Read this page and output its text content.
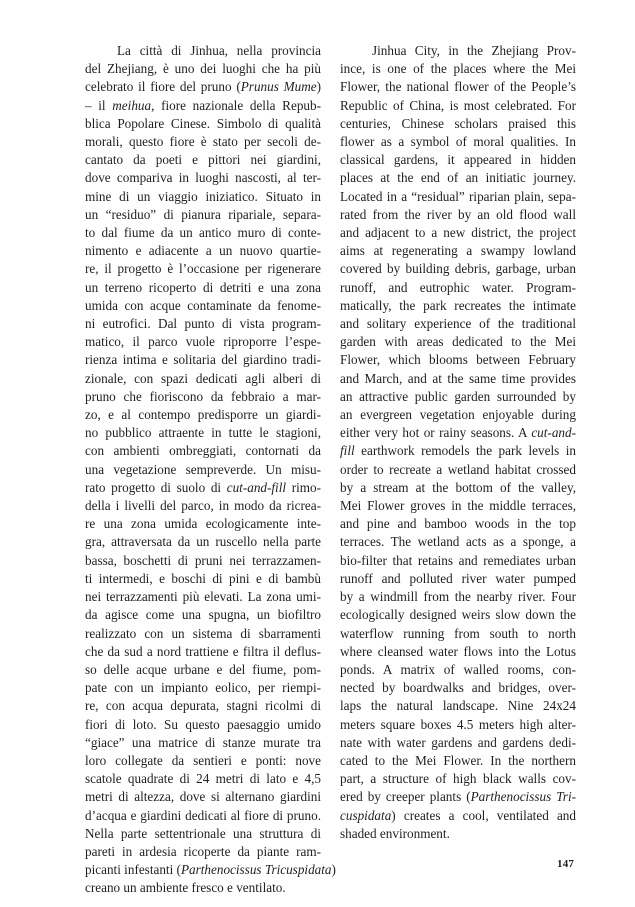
La città di Jinhua, nella provincia
del Zhejiang, è uno dei luoghi che ha più
celebrato il fiore del pruno (Prunus Mume)
– il meihua, fiore nazionale della Repub-
blica Popolare Cinese. Simbolo di qualità
morali, questo fiore è stato per secoli de-
cantato da poeti e pittori nei giardini,
dove compariva in luoghi nascosti, al ter-
mine di un viaggio iniziatico. Situato in
un “residuo” di pianura ripariale, separa-
to dal fiume da un antico muro di conte-
nimento e adiacente a un nuovo quartie-
re, il progetto è l’occasione per rigenerare
un terreno ricoperto di detriti e una zona
umida con acque contaminate da fenome-
ni eutrofici. Dal punto di vista program-
matico, il parco vuole riproporre l’espe-
rienza intima e solitaria del giardino tradi-
zionale, con spazi dedicati agli alberi di
pruno che fioriscono da febbraio a mar-
zo, e al contempo predisporre un giardi-
no pubblico attraente in tutte le stagioni,
con ambienti ombreggiati, contornati da
una vegetazione sempreverde. Un misu-
rato progetto di suolo di cut-and-fill rimo-
della i livelli del parco, in modo da ricrea-
re una zona umida ecologicamente inte-
gra, attraversata da un ruscello nella parte
bassa, boschetti di pruni nei terrazzamen-
ti intermedi, e boschi di pini e di bambù
nei terrazzamenti più elevati. La zona umi-
da agisce come una spugna, un biofiltro
realizzato con un sistema di sbarramenti
che da sud a nord trattiene e filtra il deflus-
so delle acque urbane e del fiume, pom-
pate con un impianto eolico, per riempi-
re, con acqua depurata, stagni ricolmi di
fiori di loto. Su questo paesaggio umido
“giace” una matrice di stanze murate tra
loro collegate da sentieri e ponti: nove
scatole quadrate di 24 metri di lato e 4,5
metri di altezza, dove si alternano giardini
d’acqua e giardini dedicati al fiore di pruno.
Nella parte settentrionale una struttura di
pareti in ardesia ricoperte da piante ram-
picanti infestanti (Parthenocissus Tricuspidata)
creano un ambiente fresco e ventilato.
Jinhua City, in the Zhejiang Prov-
ince, is one of the places where the Mei
Flower, the national flower of the People’s
Republic of China, is most celebrated. For
centuries, Chinese scholars praised this
flower as a symbol of moral qualities. In
classical gardens, it appeared in hidden
places at the end of an initiatic journey.
Located in a “residual” riparian plain, sepa-
rated from the river by an old flood wall
and adjacent to a new district, the project
aims at regenerating a swampy lowland
covered by building debris, garbage, urban
runoff, and eutrophic water. Program-
matically, the park recreates the intimate
and solitary experience of the traditional
garden with areas dedicated to the Mei
Flower, which blooms between February
and March, and at the same time provides
an attractive public garden surrounded by
an evergreen vegetation enjoyable during
either very hot or rainy seasons. A cut-and-
fill earthwork remodels the park levels in
order to recreate a wetland habitat crossed
by a stream at the bottom of the valley,
Mei Flower groves in the middle terraces,
and pine and bamboo woods in the top
terraces. The wetland acts as a sponge, a
bio-filter that retains and remediates urban
runoff and polluted river water pumped
by a windmill from the nearby river. Four
ecologically designed weirs slow down the
waterflow running from south to north
where cleansed water flows into the Lotus
ponds. A matrix of walled rooms, con-
nected by boardwalks and bridges, over-
laps the natural landscape. Nine 24x24
meters square boxes 4.5 meters high alter-
nate with water gardens and gardens dedi-
cated to the Mei Flower. In the northern
part, a structure of high black walls cov-
ered by creeper plants (Parthenocissus Tri-
cuspidata) creates a cool, ventilated and
shaded environment.
147
